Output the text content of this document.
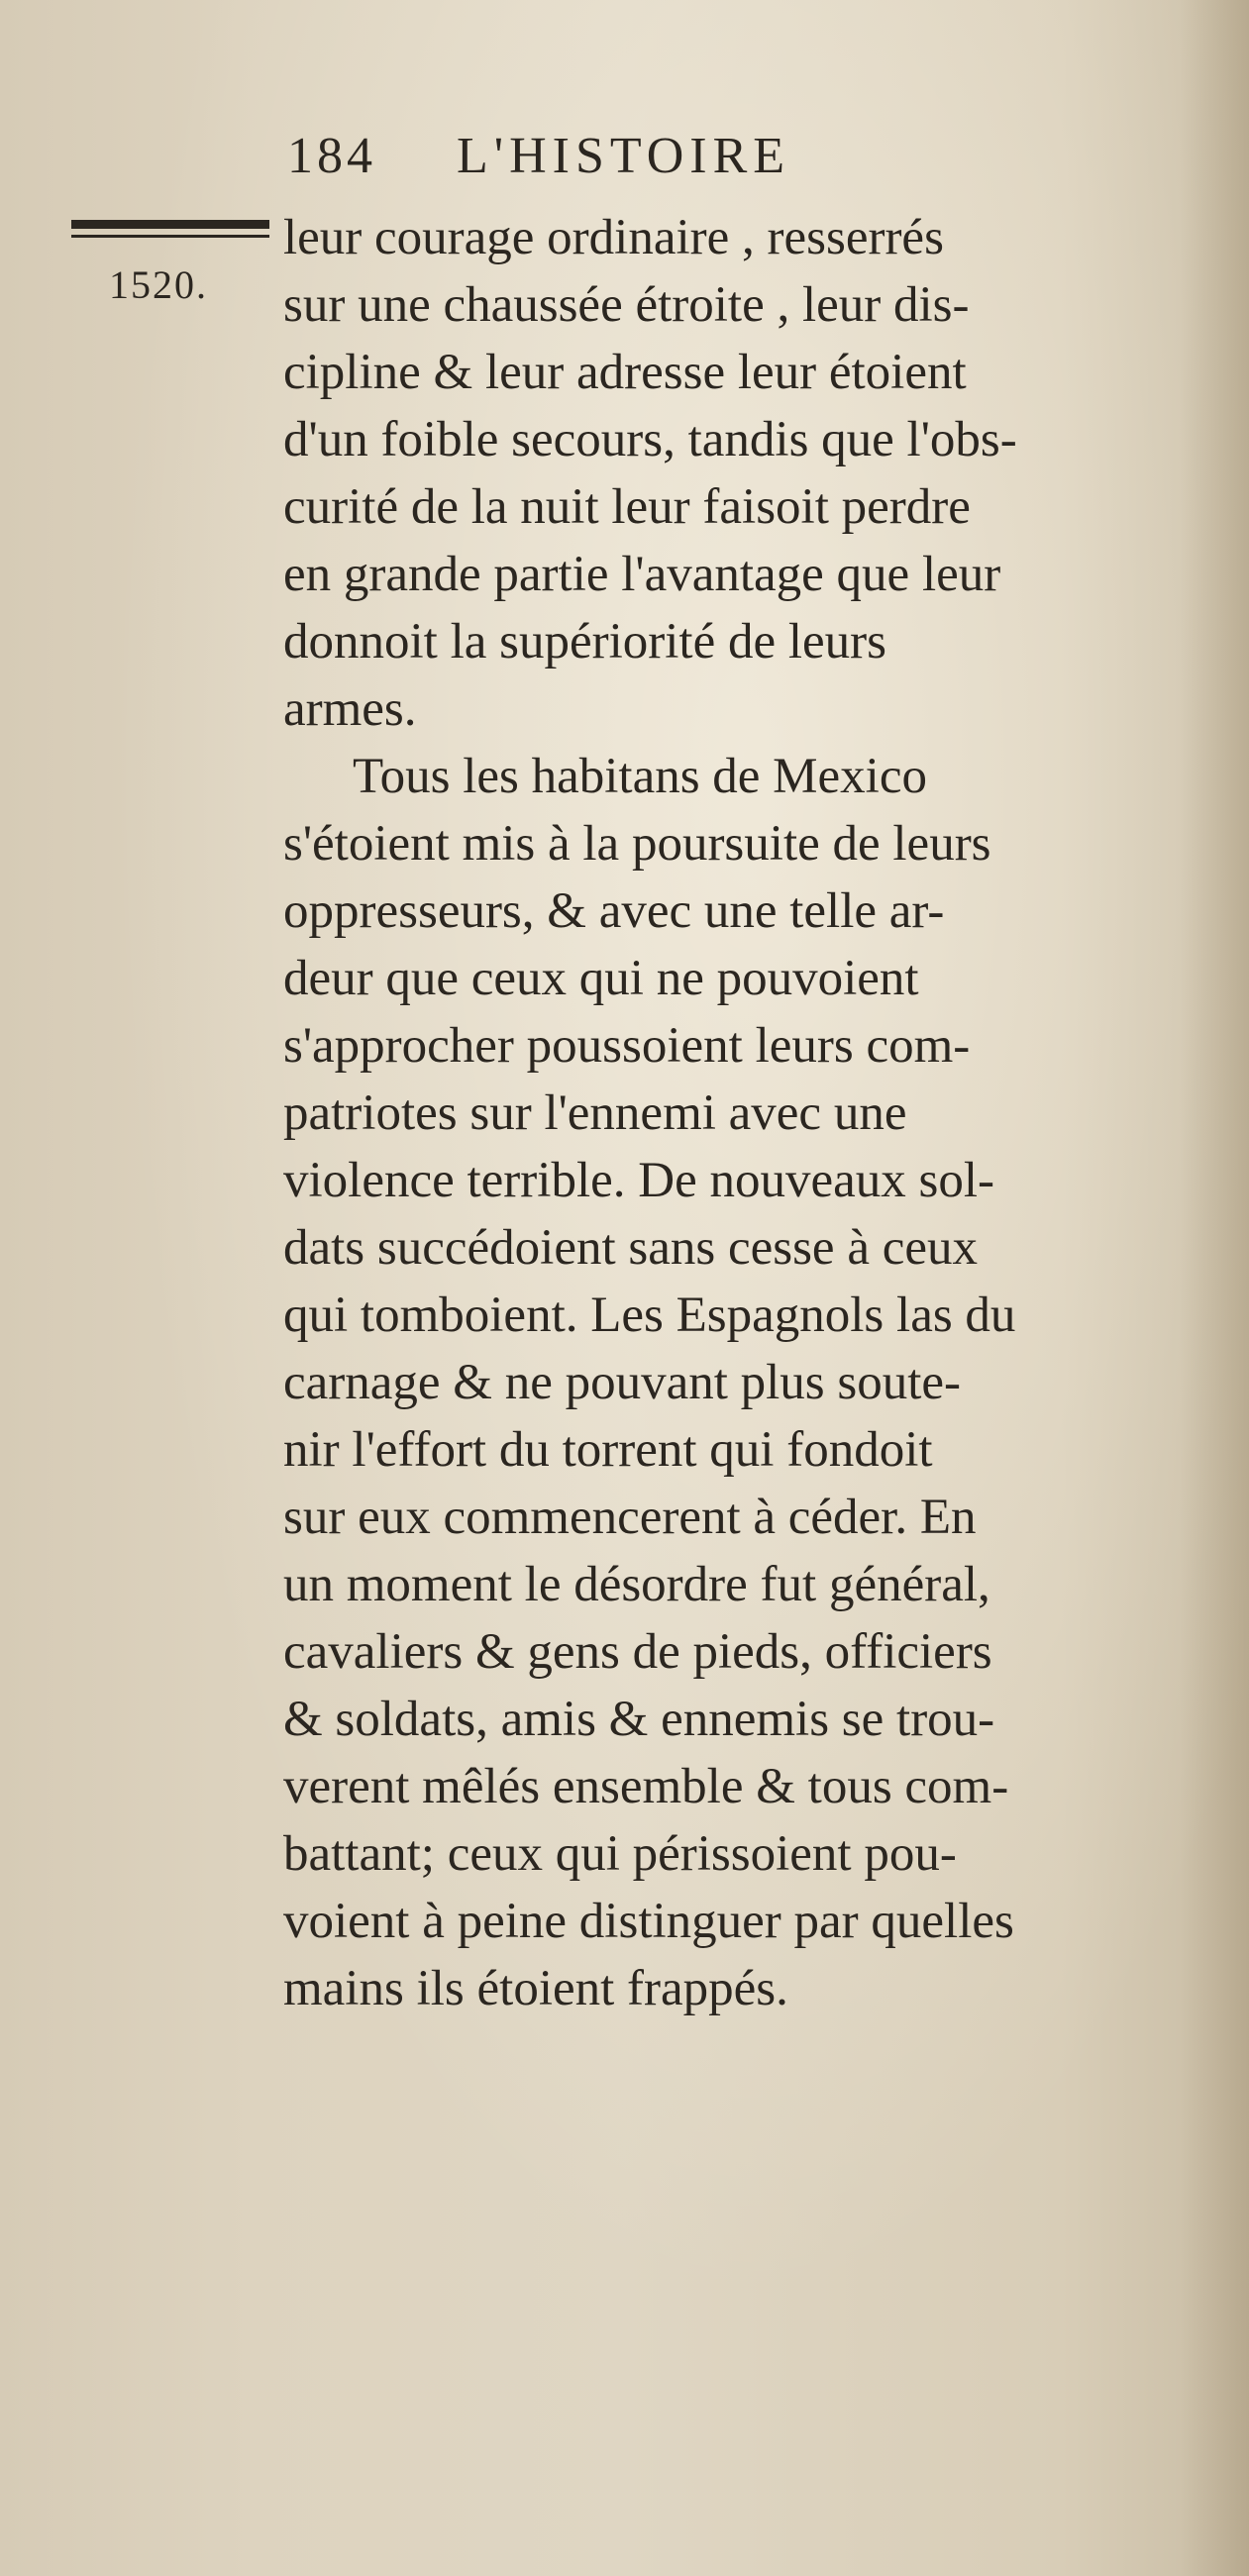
184 L'HISTOIRE
1520.
leur courage ordinaire , resserrés
sur une chaussée étroite , leur dis-
cipline & leur adresse leur étoient
d'un foible secours, tandis que l'obs-
curité de la nuit leur faisoit perdre
en grande partie l'avantage que leur
donnoit la supériorité de leurs
armes.
Tous les habitans de Mexico
s'étoient mis à la poursuite de leurs
oppresseurs, & avec une telle ar-
deur que ceux qui ne pouvoient
s'approcher poussoient leurs com-
patriotes sur l'ennemi avec une
violence terrible. De nouveaux sol-
dats succédoient sans cesse à ceux
qui tomboient. Les Espagnols las du
carnage & ne pouvant plus soute-
nir l'effort du torrent qui fondoit
sur eux commencerent à céder. En
un moment le désordre fut général,
cavaliers & gens de pieds, officiers
& soldats, amis & ennemis se trou-
verent mêlés ensemble & tous com-
battant; ceux qui périssoient pou-
voient à peine distinguer par quelles
mains ils étoient frappés.
